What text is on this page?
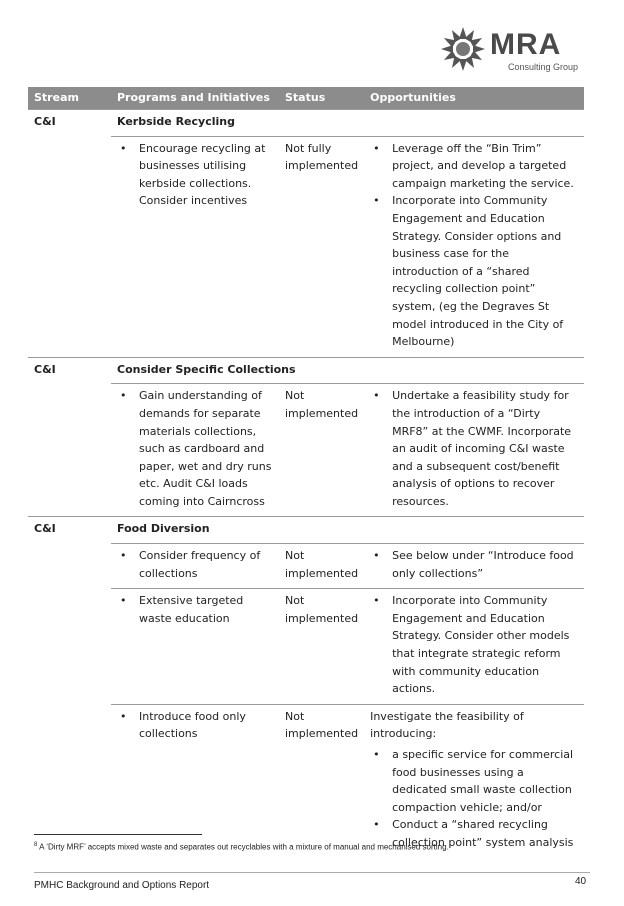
MRA
Consulting Group
Stream	Programs and Initiatives	Status	Opportunities
C&I	Kerbside Recycling		

	• Encourage recycling at businesses utilising kerbside collections. Consider incentives	Not fully implemented	• Leverage off the “Bin Trim” project, and develop a targeted campaign marketing the service.

• Incorporate into Community Engagement and Education Strategy. Consider options and business case for the introduction of a “shared recycling collection point” system, (eg the Degraves St model introduced in the City of Melbourne)

C&I	Consider Specific Collections		

	• Gain understanding of demands for separate materials collections, such as cardboard and paper, wet and dry runs etc. Audit C&I loads coming into Cairncross	Not implemented	• Undertake a feasibility study for the introduction of a “Dirty MRF8” at the CWMF. Incorporate an audit of incoming C&I waste and a subsequent cost/benefit analysis of options to recover resources.

C&I	Food Diversion		

	• Consider frequency of collections	Not implemented	• See below under “Introduce food only collections”

	• Extensive targeted waste education	Not implemented	• Incorporate into Community Engagement and Education Strategy. Consider other models that integrate strategic reform with community education actions.

	• Introduce food only collections	Not implemented	Investigate the feasibility of introducing:

• a specific service for commercial food businesses using a dedicated small waste collection compaction vehicle; and/or

• Conduct a “shared recycling collection point” system analysis

$^8$ A ‘Dirty MRF’ accepts mixed waste and separates out recyclables with a mixture of manual and mechanised sorting.
PMHC Background and Options Report	40
